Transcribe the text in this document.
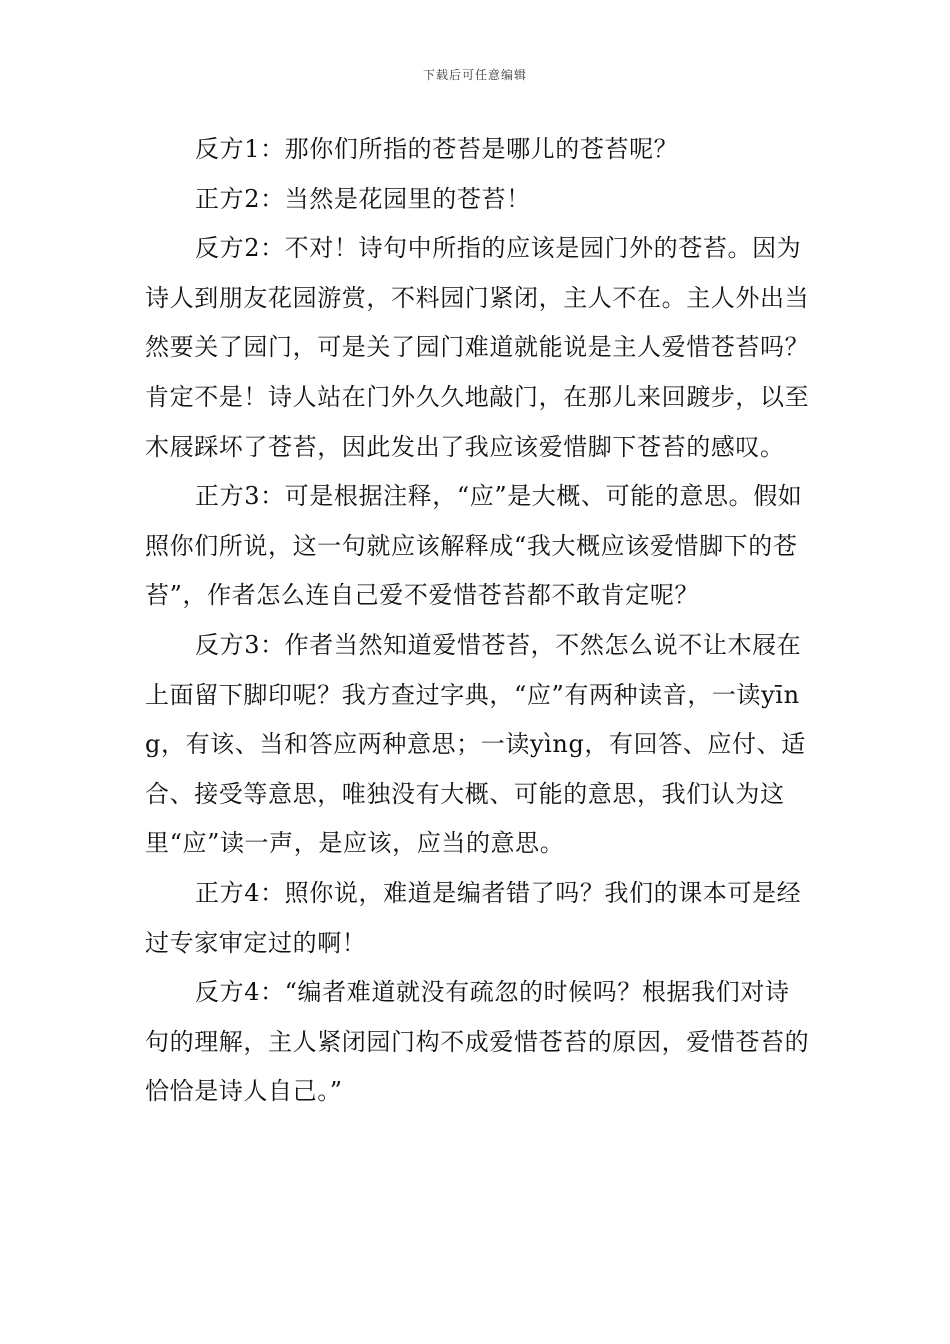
下载后可任意编辑

反方1：那你们所指的苍苔是哪儿的苍苔呢？

正方2：当然是花园里的苍苔！

反方2：不对！诗句中所指的应该是园门外的苍苔。因为诗人到朋友花园游赏，不料园门紧闭，主人不在。主人外出当然要关了园门，可是关了园门难道就能说是主人爱惜苍苔吗？肯定不是！诗人站在门外久久地敲门，在那儿来回踱步，以至木屐踩坏了苍苔，因此发出了我应该爱惜脚下苍苔的感叹。

正方3：可是根据注释，“应”是大概、可能的意思。假如照你们所说，这一句就应该解释成“我大概应该爱惜脚下的苍苔”，作者怎么连自己爱不爱惜苍苔都不敢肯定呢？

反方3：作者当然知道爱惜苍苔，不然怎么说不让木屐在上面留下脚印呢？我方查过字典，“应”有两种读音，一读yīng，有该、当和答应两种意思；一读yìng，有回答、应付、适合、接受等意思，唯独没有大概、可能的意思，我们认为这里“应”读一声，是应该，应当的意思。

正方4：照你说，难道是编者错了吗？我们的课本可是经过专家审定过的啊！

反方4：“编者难道就没有疏忽的时候吗？根据我们对诗句的理解，主人紧闭园门构不成爱惜苍苔的原因，爱惜苍苔的恰恰是诗人自己。”
